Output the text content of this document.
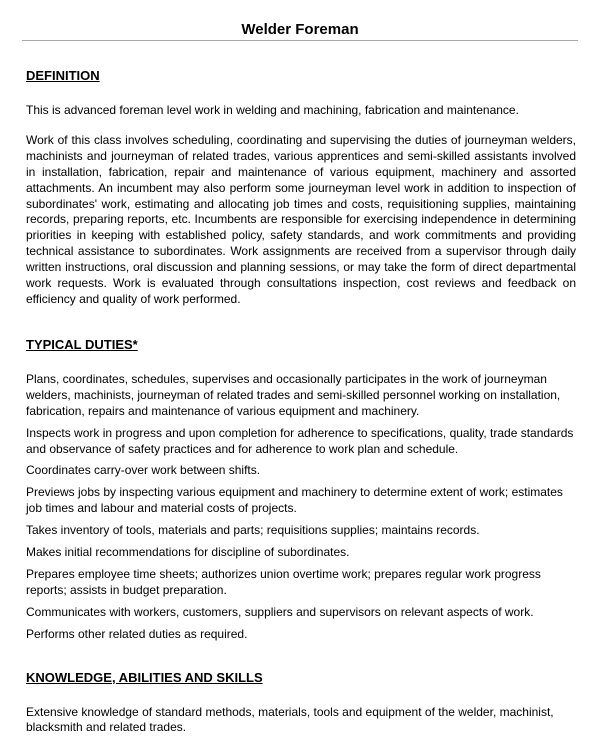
Welder Foreman
DEFINITION

This is advanced foreman level work in welding and machining, fabrication and maintenance.

Work of this class involves scheduling, coordinating and supervising the duties of journeyman welders, machinists and journeyman of related trades, various apprentices and semi-skilled assistants involved in installation, fabrication, repair and maintenance of various equipment, machinery and assorted attachments. An incumbent may also perform some journeyman level work in addition to inspection of subordinates' work, estimating and allocating job times and costs, requisitioning supplies, maintaining records, preparing reports, etc. Incumbents are responsible for exercising independence in determining priorities in keeping with established policy, safety standards, and work commitments and providing technical assistance to subordinates. Work assignments are received from a supervisor through daily written instructions, oral discussion and planning sessions, or may take the form of direct departmental work requests. Work is evaluated through consultations inspection, cost reviews and feedback on efficiency and quality of work performed.

TYPICAL DUTIES*

Plans, coordinates, schedules, supervises and occasionally participates in the work of journeyman welders, machinists, journeyman of related trades and semi-skilled personnel working on installation, fabrication, repairs and maintenance of various equipment and machinery.

Inspects work in progress and upon completion for adherence to specifications, quality, trade standards and observance of safety practices and for adherence to work plan and schedule.

Coordinates carry-over work between shifts.

Previews jobs by inspecting various equipment and machinery to determine extent of work; estimates job times and labour and material costs of projects.

Takes inventory of tools, materials and parts; requisitions supplies; maintains records.

Makes initial recommendations for discipline of subordinates.

Prepares employee time sheets; authorizes union overtime work; prepares regular work progress reports; assists in budget preparation.

Communicates with workers, customers, suppliers and supervisors on relevant aspects of work.

Performs other related duties as required.

KNOWLEDGE, ABILITIES AND SKILLS

Extensive knowledge of standard methods, materials, tools and equipment of the welder, machinist, blacksmith and related trades.
